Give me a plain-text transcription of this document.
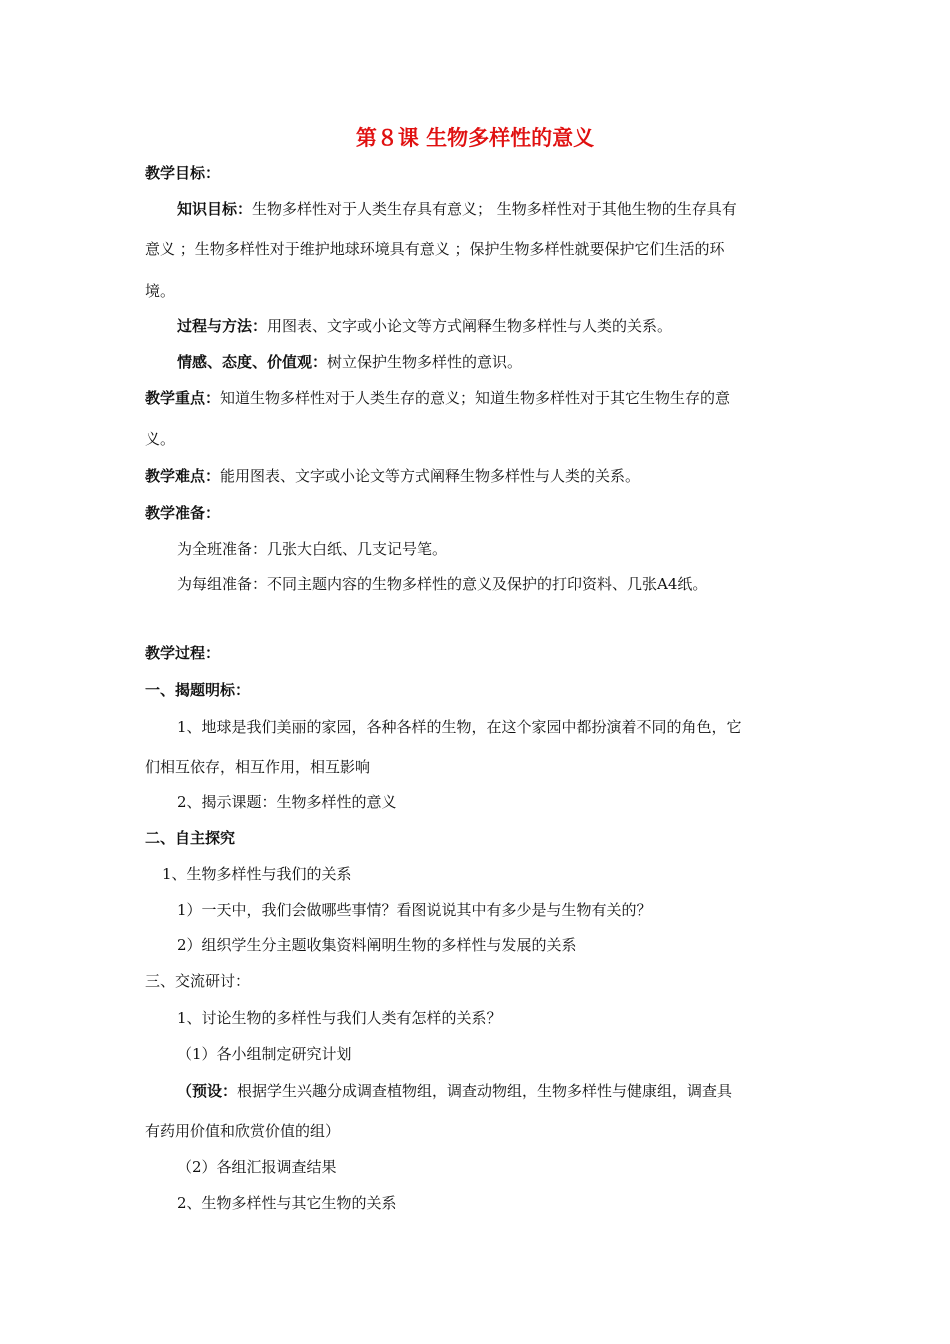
第８课 生物多样性的意义
教学目标：
知识目标：生物多样性对于人类生存具有意义； 生物多样性对于其他生物的生存具有
意义 ；生物多样性对于维护地球环境具有意义 ；保护生物多样性就要保护它们生活的环
境。
过程与方法：用图表、文字或小论文等方式阐释生物多样性与人类的关系。
情感、态度、价值观：树立保护生物多样性的意识。
教学重点：知道生物多样性对于人类生存的意义；知道生物多样性对于其它生物生存的意
义。
教学难点：能用图表、文字或小论文等方式阐释生物多样性与人类的关系。
教学准备：
为全班准备：几张大白纸、几支记号笔。
为每组准备：不同主题内容的生物多样性的意义及保护的打印资料、几张A4纸。
教学过程：
一、揭题明标：
1、地球是我们美丽的家园，各种各样的生物，在这个家园中都扮演着不同的角色，它
们相互依存，相互作用，相互影响
2、揭示课题：生物多样性的意义
二、自主探究
1、生物多样性与我们的关系
1）一天中，我们会做哪些事情？看图说说其中有多少是与生物有关的？
2）组织学生分主题收集资料阐明生物的多样性与发展的关系
三、交流研讨：
1、讨论生物的多样性与我们人类有怎样的关系？
（1）各小组制定研究计划
（预设：根据学生兴趣分成调查植物组，调查动物组，生物多样性与健康组，调查具
有药用价值和欣赏价值的组）
（2）各组汇报调查结果
2、生物多样性与其它生物的关系
